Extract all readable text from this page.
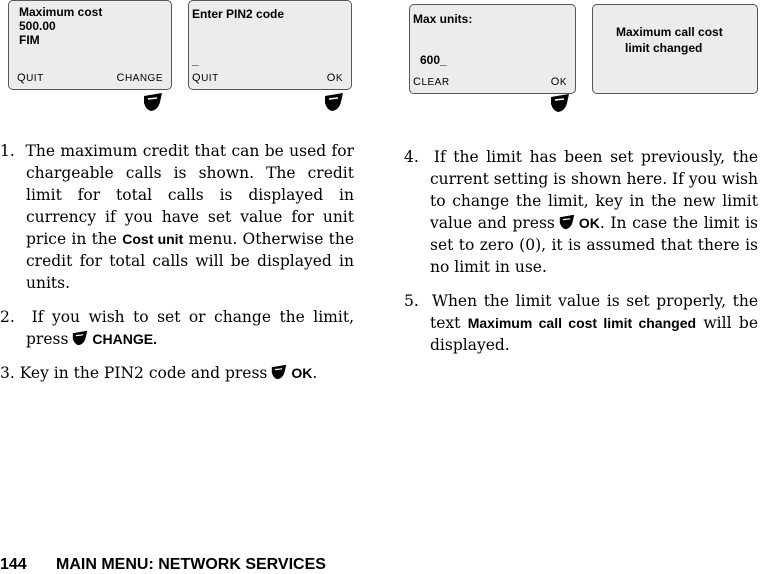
Maximum cost
500.00
FIM
QUIT	CHANGE
Enter PIN2 code
_
QUIT	OK
Max units:
600_
CLEAR	OK
Maximum call cost
limit changed

1. The maximum credit that can be used for chargeable calls is shown. The credit limit for total calls is displayed in currency if you have set value for unit price in the Cost unit menu. Otherwise the credit for total calls will be displayed in units.

2. If you wish to set or change the limit, press CHANGE.

3. Key in the PIN2 code and press OK.

4. If the limit has been set previously, the current setting is shown here. If you wish to change the limit, key in the new limit value and press OK. In case the limit is set to zero (0), it is assumed that there is no limit in use.

5. When the limit value is set properly, the text Maximum call cost limit changed will be displayed.

144 MAIN MENU: NETWORK SERVICES
